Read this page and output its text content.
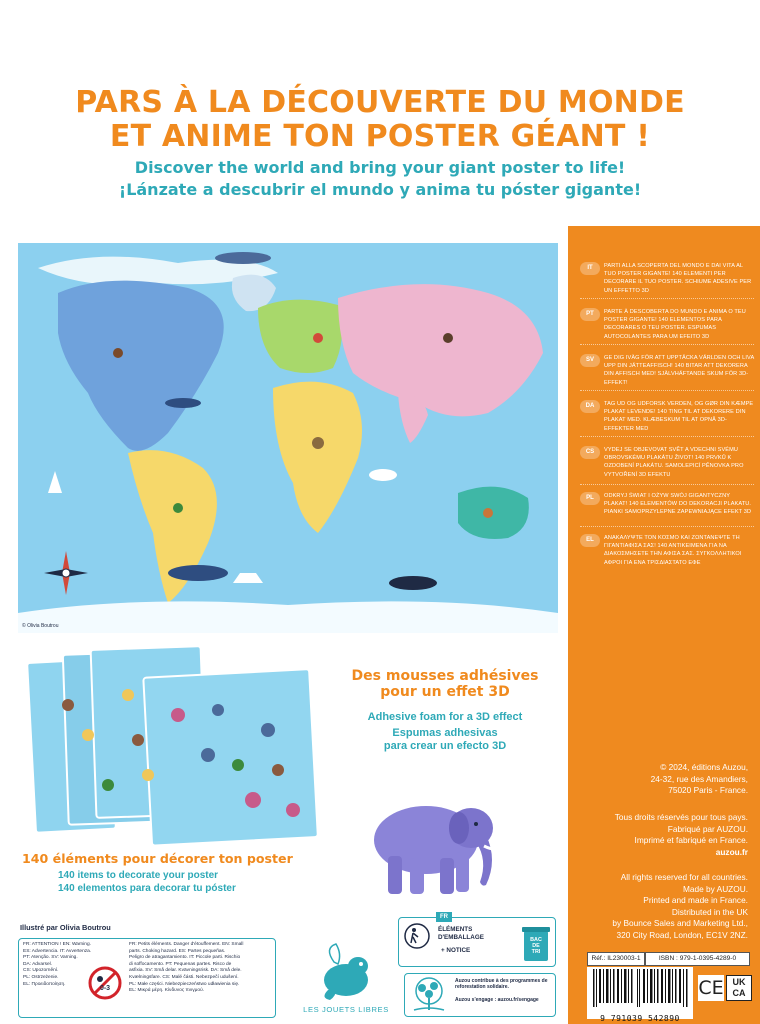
PARS À LA DÉCOUVERTE DU MONDE
ET ANIME TON POSTER GÉANT !
Discover the world and bring your giant poster to life!
¡Lánzate a descubrir el mundo y anima tu póster gigante!
© Olivia Boutrou
IT	PARTI ALLA SCOPERTA DEL MONDO E DAI VITA AL TUO POSTER GIGANTE! 140 ELEMENTI PER DECORARE IL TUO POSTER. SCHIUME ADESIVE PER UN EFFETTO 3D
PT	PARTE À DESCOBERTA DO MUNDO E ANIMA O TEU POSTER GIGANTE! 140 ELEMENTOS PARA DECORARES O TEU POSTER. ESPUMAS AUTOCOLANTES PARA UM EFEITO 3D
SV	GE DIG IVÄG FÖR ATT UPPTÄCKA VÄRLDEN OCH LIVA UPP DIN JÄTTEAFFISCH! 140 BITAR ATT DEKORERA DIN AFFISCH MED! SJÄLVHÄFTANDE SKUM FÖR 3D-EFFEKT!
DA	TAG UD OG UDFORSK VERDEN, OG GØR DIN KÆMPE PLAKAT LEVENDE! 140 TING TIL AT DEKORERE DIN PLAKAT MED. KLÆBESKUM TIL AT OPNÅ 3D-EFFEKTER MED
CS	VYDEJ SE OBJEVOVAT SVĚT A VDECHNI SVÉMU OBROVSKÉMU PLAKÁTU ŽIVOT! 140 PRVKŮ K OZDOBENÍ PLAKÁTU. SAMOLEPICÍ PĚNOVKA PRO VYTVOŘENÍ 3D EFEKTU
PL	ODKRYJ ŚWIAT I OŻYW SWÓJ GIGANTYCZNY PLAKAT! 140 ELEMENTÓW DO DEKORACJI PLAKATU. PIANKI SAMOPRZYLEPNE ZAPEWNIAJĄCE EFEKT 3D
EL	ΑΝΑΚΑΛΥΨΤΕ ΤΟΝ ΚΟΣΜΟ ΚΑΙ ΖΩΝΤΑΝΕΨΤΕ ΤΗ ΓΙΓΑΝΤΙΑΦΙΣΑ ΣΑΣ! 140 ΑΝΤΙΚΕΙΜΕΝΑ ΓΙΑ ΝΑ ΔΙΑΚΟΣΜΗΣΕΤΕ ΤΗΝ ΑΦΙΣΑ ΣΑΣ. ΣΥΓΚΟΛΛΗΤΙΚΟΙ ΑΦΡΟΙ ΓΙΑ ΕΝΑ ΤΡΙΣΔΙΑΣΤΑΤΟ ΕΦΕ
© 2024, éditions Auzou,
24-32, rue des Amandiers,
75020 Paris - France.
Tous droits réservés pour tous pays.
Fabriqué par AUZOU.
Imprimé et fabriqué en France.
auzou.fr
All rights reserved for all countries.
Made by AUZOU.
Printed and made in France.
Distributed in the UK
by Bounce Sales and Marketing Ltd.,
320 City Road, London, EC1V 2NZ.
Réf.: IL230003-1	ISBN : 979-1-0395-4289-0
9 791039 542890
CE UK
CA
Des mousses adhésives
pour un effet 3D
Adhesive foam for a 3D effect
Espumas adhesivas
para crear un efecto 3D
140 éléments pour décorer ton poster
140 items to decorate your poster
140 elementos para decorar tu póster
Illustré par Olivia Boutrou
FR: ATTENTION ! EN: Warning.
ES: Advertencia. IT: Avvertenza.
PT: Atenção. SV: Varning.
DA: Advarsel.
CS: Upozornění.
PL: Ostrzeżenie.
EL: Προειδοποίηση.
FR: Petits éléments. Danger d'étouffement. EN: Small
parts. Choking hazard. ES: Partes pequeñas.
Peligro de atragantamiento. IT: Piccole parti. Rischio
di soffocamento. PT: Pequenas partes. Risco de
asfixia. SV: Små delar. Kvävningsrisk. DA: Små dele.
Kvælningsfare. CS: Malé části. Nebezpečí udušení.
PL: Małe części. Niebezpieczeństwo udławienia się.
EL: Μικρά μέρη. Κίνδυνος πνιγμού.
0-3
LES JOUETS LIBRES
FR
ÉLÉMENTS
D'EMBALLAGE
+ NOTICE
BAC
DE
TRI
Auzou contribue à des programmes de reforestation solidaire.
Auzou s'engage : auzou.fr/sengage
